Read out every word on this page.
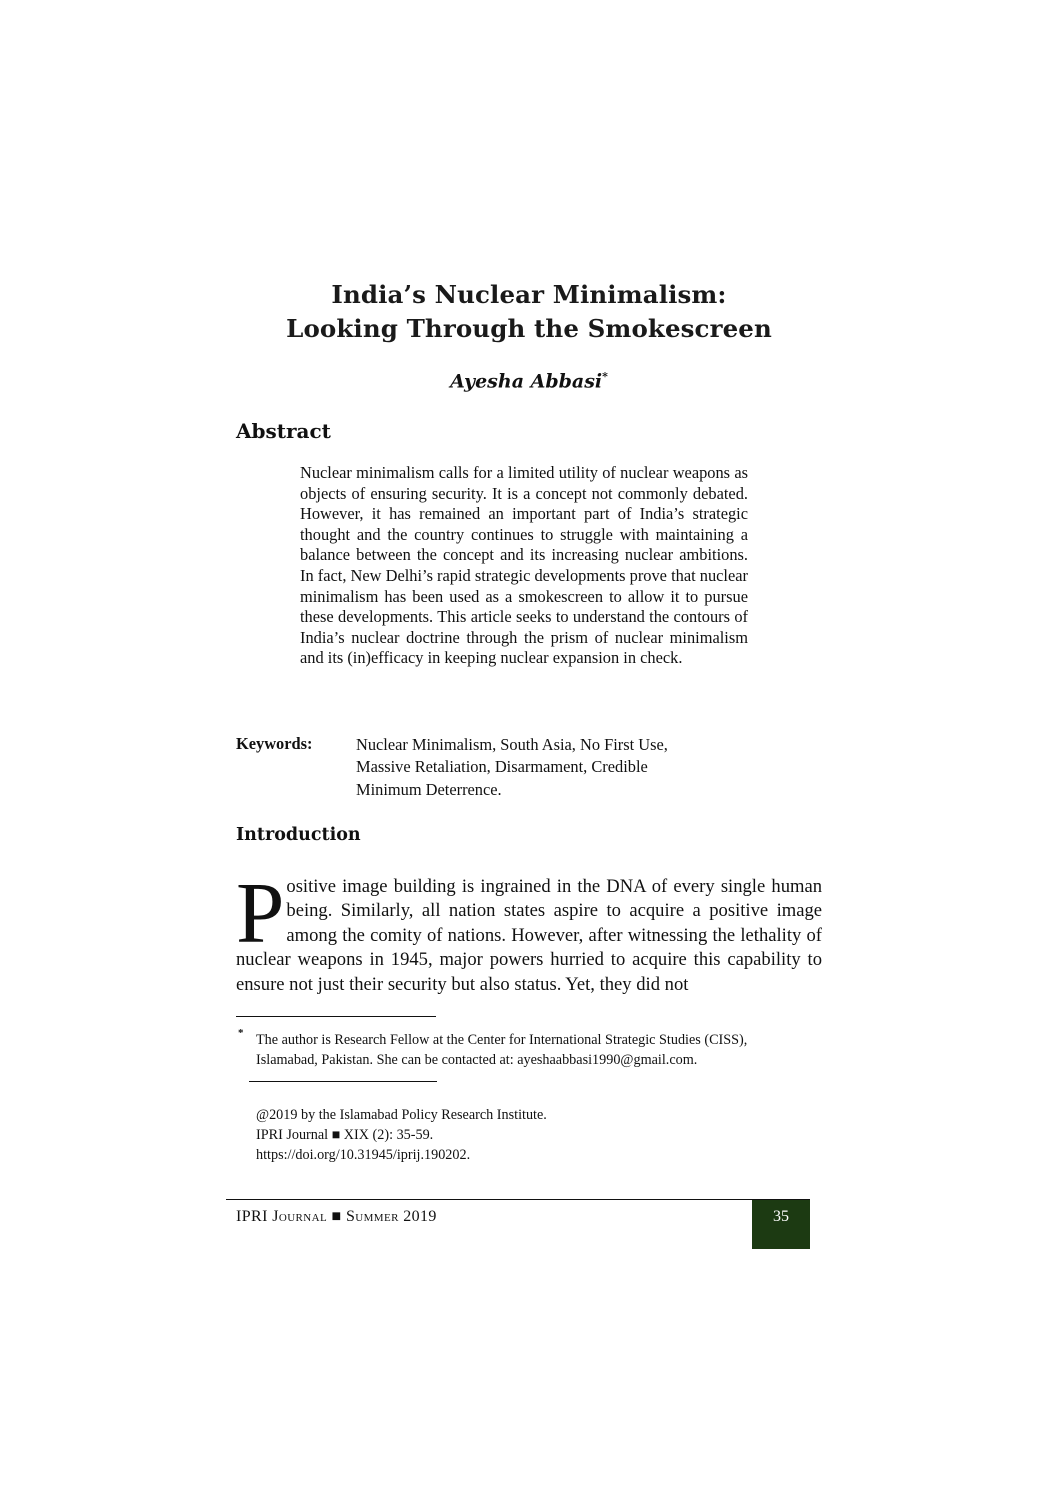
India’s Nuclear Minimalism:
Looking Through the Smokescreen
Ayesha Abbasi*
Abstract
Nuclear minimalism calls for a limited utility of nuclear weapons as objects of ensuring security. It is a concept not commonly debated. However, it has remained an important part of India’s strategic thought and the country continues to struggle with maintaining a balance between the concept and its increasing nuclear ambitions. In fact, New Delhi’s rapid strategic developments prove that nuclear minimalism has been used as a smokescreen to allow it to pursue these developments. This article seeks to understand the contours of India’s nuclear doctrine through the prism of nuclear minimalism and its (in)efficacy in keeping nuclear expansion in check.
Keywords:	Nuclear Minimalism, South Asia, No First Use,
Massive Retaliation, Disarmament, Credible
Minimum Deterrence.
Introduction
Positive image building is ingrained in the DNA of every single human being. Similarly, all nation states aspire to acquire a positive image among the comity of nations. However, after witnessing the lethality of nuclear weapons in 1945, major powers hurried to acquire this capability to ensure not just their security but also status. Yet, they did not
* The author is Research Fellow at the Center for International Strategic Studies (CISS),
Islamabad, Pakistan. She can be contacted at: ayeshaabbasi1990@gmail.com.
@2019 by the Islamabad Policy Research Institute.
IPRI Journal ■ XIX (2): 35-59.
https://doi.org/10.31945/iprij.190202.
IPRI Journal ■ Summer 2019	35
